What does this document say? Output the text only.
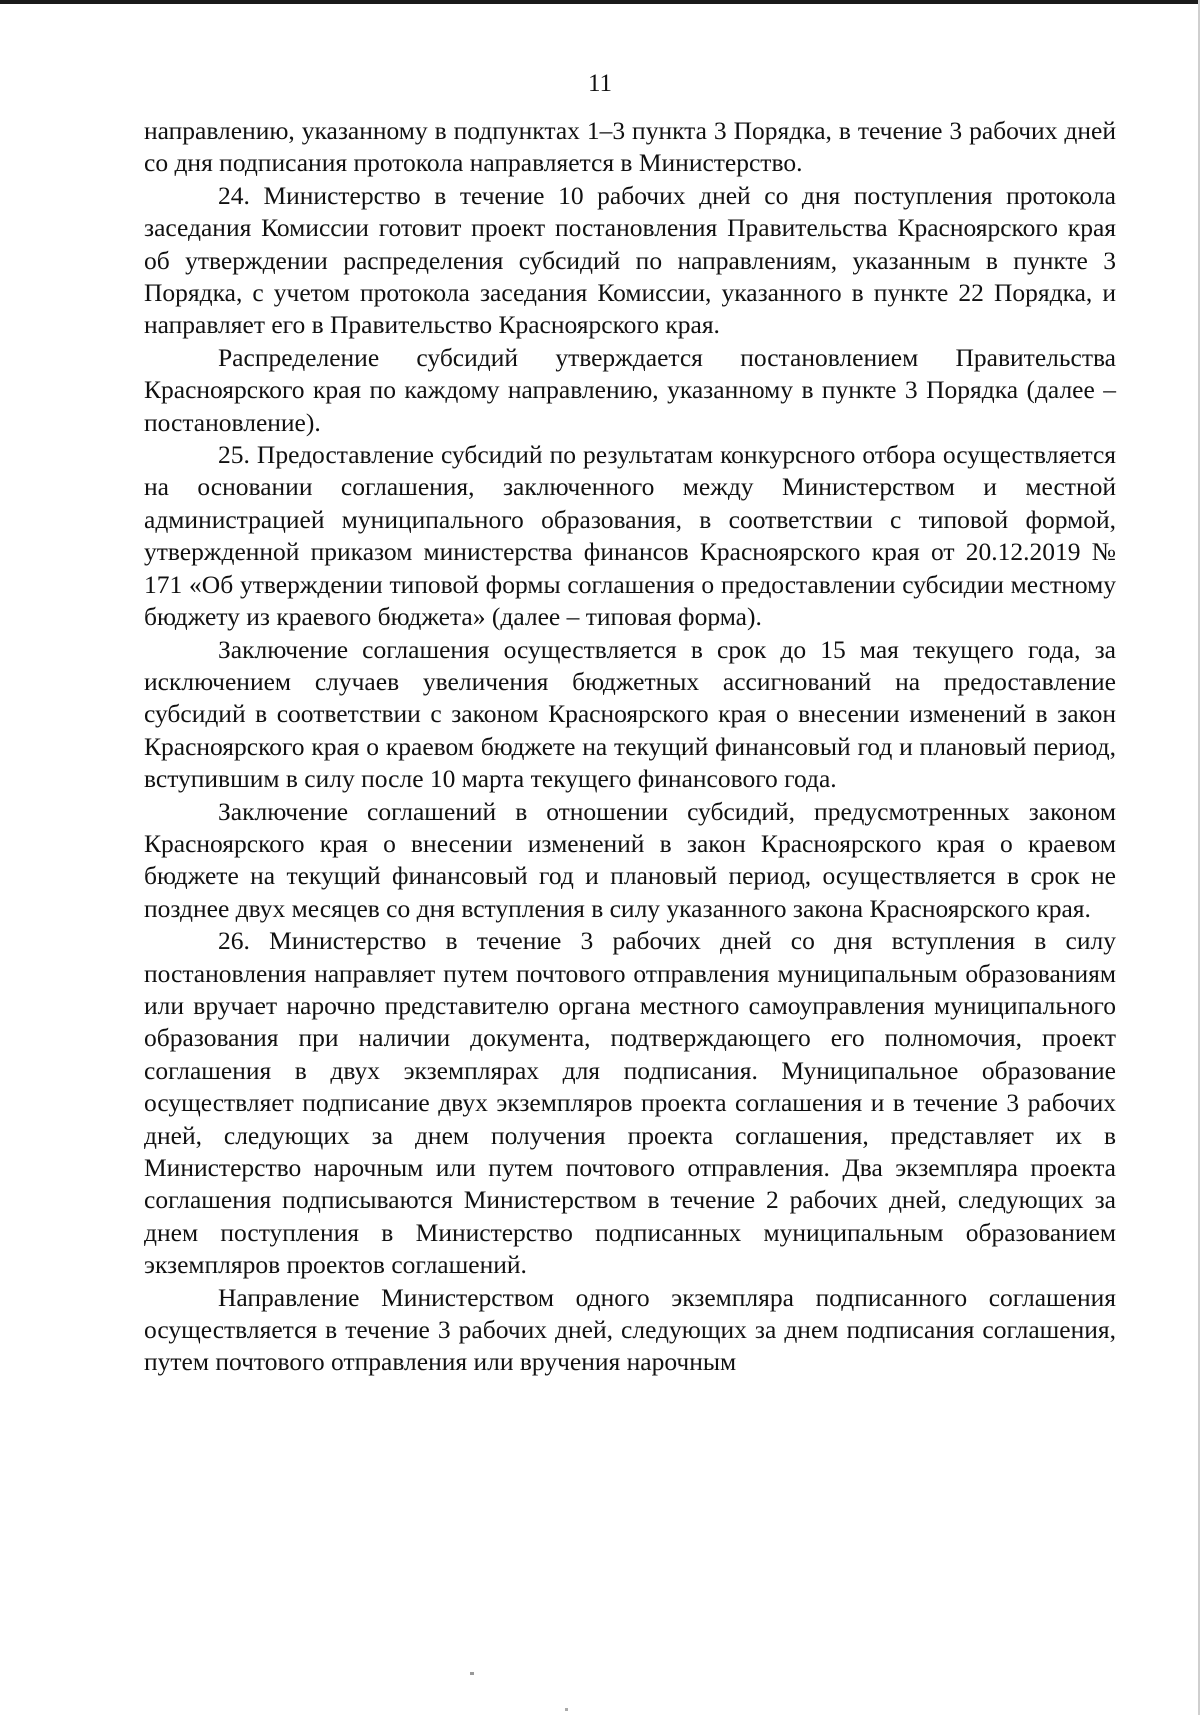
11

направлению, указанному в подпунктах 1–3 пункта 3 Порядка, в течение 3 рабочих дней со дня подписания протокола направляется в Министерство.

24. Министерство в течение 10 рабочих дней со дня поступления протокола заседания Комиссии готовит проект постановления Правительства Красноярского края об утверждении распределения субсидий по направлениям, указанным в пункте 3 Порядка, с учетом протокола заседания Комиссии, указанного в пункте 22 Порядка, и направляет его в Правительство Красноярского края.

Распределение субсидий утверждается постановлением Правительства Красноярского края по каждому направлению, указанному в пункте 3 Порядка (далее – постановление).

25. Предоставление субсидий по результатам конкурсного отбора осуществляется на основании соглашения, заключенного между Министерством и местной администрацией муниципального образования, в соответствии с типовой формой, утвержденной приказом министерства финансов Красноярского края от 20.12.2019 № 171 «Об утверждении типовой формы соглашения о предоставлении субсидии местному бюджету из краевого бюджета» (далее – типовая форма).

Заключение соглашения осуществляется в срок до 15 мая текущего года, за исключением случаев увеличения бюджетных ассигнований на предоставление субсидий в соответствии с законом Красноярского края о внесении изменений в закон Красноярского края о краевом бюджете на текущий финансовый год и плановый период, вступившим в силу после 10 марта текущего финансового года.

Заключение соглашений в отношении субсидий, предусмотренных законом Красноярского края о внесении изменений в закон Красноярского края о краевом бюджете на текущий финансовый год и плановый период, осуществляется в срок не позднее двух месяцев со дня вступления в силу указанного закона Красноярского края.

26. Министерство в течение 3 рабочих дней со дня вступления в силу постановления направляет путем почтового отправления муниципальным образованиям или вручает нарочно представителю органа местного самоуправления муниципального образования при наличии документа, подтверждающего его полномочия, проект соглашения в двух экземплярах для подписания. Муниципальное образование осуществляет подписание двух экземпляров проекта соглашения и в течение 3 рабочих дней, следующих за днем получения проекта соглашения, представляет их в Министерство нарочным или путем почтового отправления. Два экземпляра проекта соглашения подписываются Министерством в течение 2 рабочих дней, следующих за днем поступления в Министерство подписанных муниципальным образованием экземпляров проектов соглашений.

Направление Министерством одного экземпляра подписанного соглашения осуществляется в течение 3 рабочих дней, следующих за днем подписания соглашения, путем почтового отправления или вручения нарочным
